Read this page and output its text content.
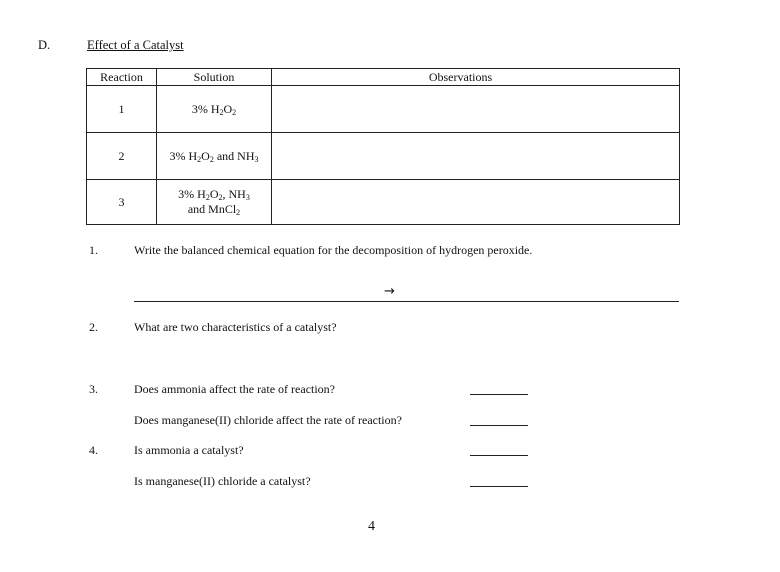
D.	Effect of a Catalyst
Reaction	Solution	Observations
1	3% $H_2O_2$	
2	3% $H_2O_2$ and $NH_3$	
3	3% $H_2O_2$, $NH_3$
and MnCl$_2$	
1.	Write the balanced chemical equation for the decomposition of hydrogen peroxide.
→
2.	What are two characteristics of a catalyst?
3.	Does ammonia affect the rate of reaction?
Does manganese(II) chloride affect the rate of reaction?
4.	Is ammonia a catalyst?
Is manganese(II) chloride a catalyst?
4
